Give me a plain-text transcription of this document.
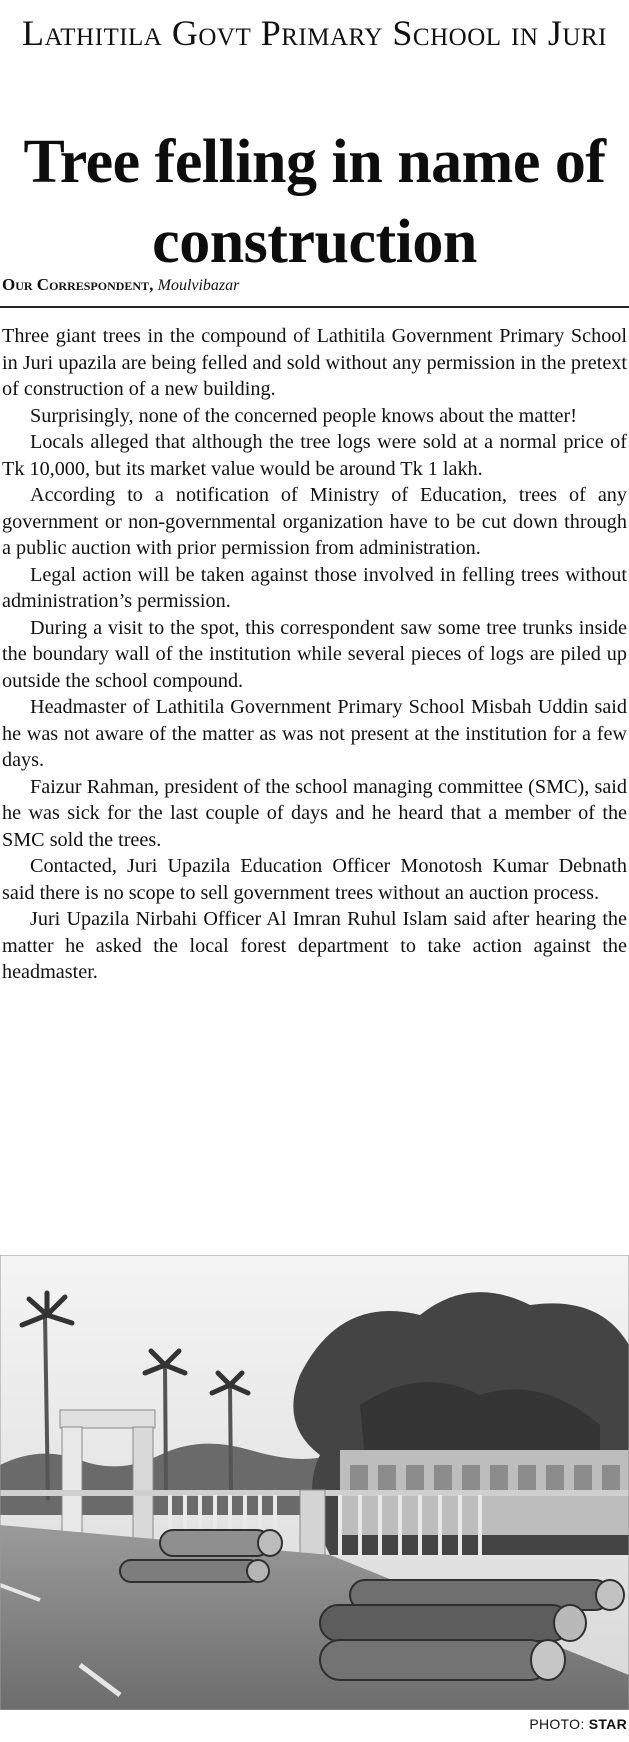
Lathitila Govt Primary School in Juri
Tree felling in name of construction
Our Correspondent, Moulvibazar

Three giant trees in the compound of Lathitila Government Primary School in Juri upazila are being felled and sold without any permission in the pretext of construction of a new building.

Surprisingly, none of the concerned people knows about the matter!

Locals alleged that although the tree logs were sold at a normal price of Tk 10,000, but its market value would be around Tk 1 lakh.

According to a notification of Ministry of Education, trees of any government or non-governmental organization have to be cut down through a public auction with prior permission from administration.

Legal action will be taken against those involved in felling trees without administration’s permission.

During a visit to the spot, this correspondent saw some tree trunks inside the boundary wall of the institution while several pieces of logs are piled up outside the school compound.

Headmaster of Lathitila Government Primary School Misbah Uddin said he was not aware of the matter as was not present at the institution for a few days.

Faizur Rahman, president of the school managing committee (SMC), said he was sick for the last couple of days and he heard that a member of the SMC sold the trees.

Contacted, Juri Upazila Education Officer Monotosh Kumar Debnath said there is no scope to sell government trees without an auction process.

Juri Upazila Nirbahi Officer Al Imran Ruhul Islam said after hearing the matter he asked the local forest department to take action against the headmaster.

PHOTO: STAR
